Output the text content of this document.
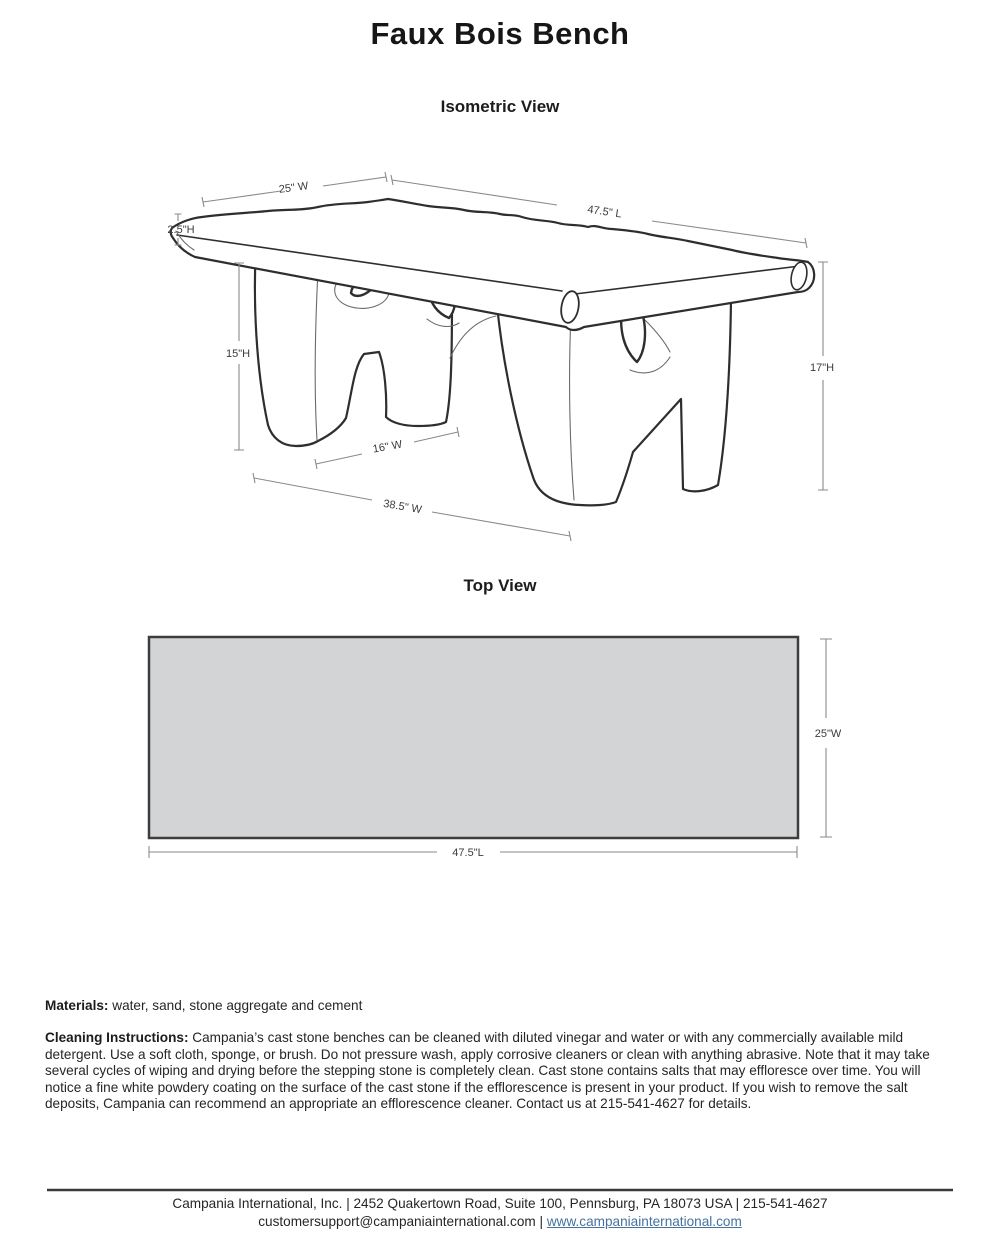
25" W
47.5" L
2.5"H
15"H
17"H
16" W
38.5" W
25"W
47.5"L
Faux Bois Bench
Isometric View
Top View
Materials: water, sand, stone aggregate and cement
Cleaning Instructions: Campania’s cast stone benches can be cleaned with diluted vinegar and water or with any commercially available mild detergent. Use a soft cloth, sponge, or brush. Do not pressure wash, apply corrosive cleaners or clean with anything abrasive. Note that it may take several cycles of wiping and drying before the stepping stone is completely clean. Cast stone contains salts that may effloresce over time. You will notice a fine white powdery coating on the surface of the cast stone if the efflorescence is present in your product. If you wish to remove the salt deposits, Campania can recommend an appropriate an efflorescence cleaner. Contact us at 215-541-4627 for details.
Campania International, Inc. | 2452 Quakertown Road, Suite 100, Pennsburg, PA 18073 USA | 215-541-4627
customersupport@campaniainternational.com | www.campaniainternational.com
